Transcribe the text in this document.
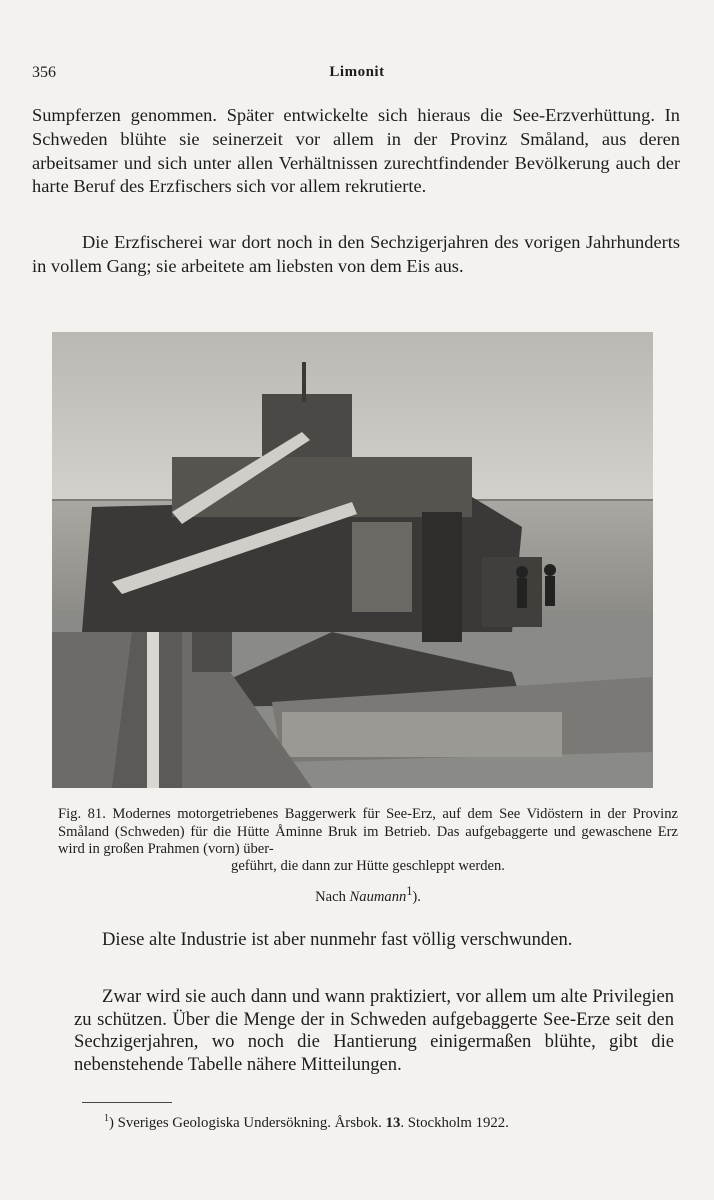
356	Limonit

Sumpferzen genommen. Später entwickelte sich hieraus die See-Erzverhüttung. In Schweden blühte sie seinerzeit vor allem in der Provinz Småland, aus deren arbeitsamer und sich unter allen Verhältnissen zurechtfindender Bevölkerung auch der harte Beruf des Erzfischers sich vor allem rekrutierte.

Die Erzfischerei war dort noch in den Sechzigerjahren des vorigen Jahrhunderts in vollem Gang; sie arbeitete am liebsten von dem Eis aus.

Fig. 81. Modernes motorgetriebenes Baggerwerk für See-Erz, auf dem See Vidöstern in der Provinz Småland (Schweden) für die Hütte Åminne Bruk im Betrieb. Das aufgebaggerte und gewaschene Erz wird in großen Prahmen (vorn) über-

geführt, die dann zur Hütte geschleppt werden.

Nach Naumann$^1$).

Diese alte Industrie ist aber nunmehr fast völlig verschwunden.

Zwar wird sie auch dann und wann praktiziert, vor allem um alte Privilegien zu schützen. Über die Menge der in Schweden aufgebaggerte See-Erze seit den Sechzigerjahren, wo noch die Hantierung einigermaßen blühte, gibt die nebenstehende Tabelle nähere Mitteilungen.

$^1$) Sveriges Geologiska Undersökning. Årsbok. 13. Stockholm 1922.
